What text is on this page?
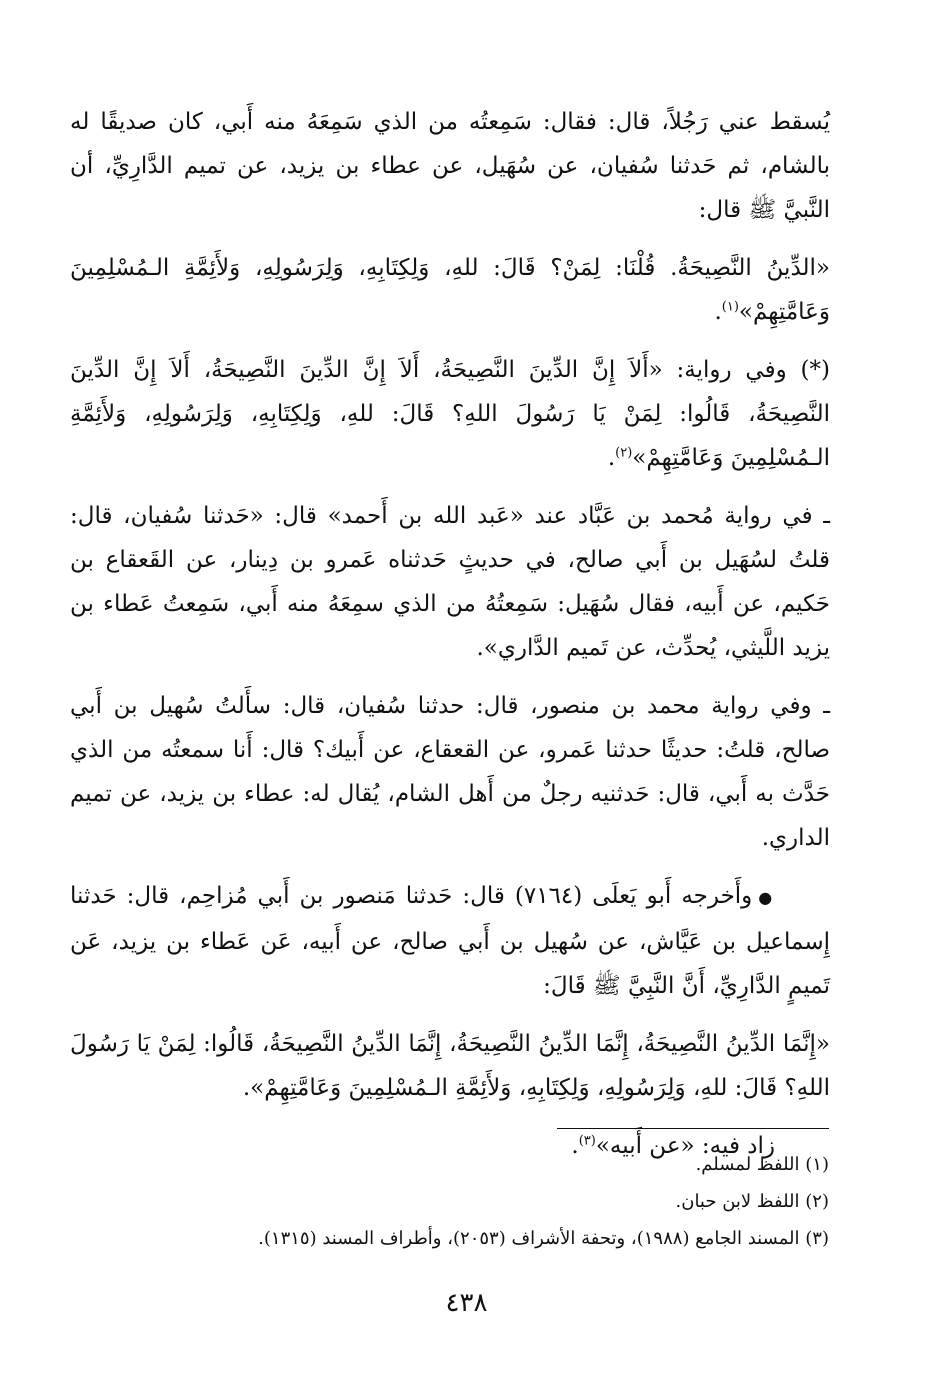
يُسقط عني رَجُلاً، قال: فقال: سَمِعتُه من الذي سَمِعَهُ منه أَبي، كان صديقًا له بالشام، ثم حَدثنا سُفيان، عن سُهَيل، عن عطاء بن يزيد، عن تميم الدَّارِيِّ، أن النَّبيَّ ﷺ قال:

«الدِّينُ النَّصِيحَةُ. قُلْنَا: لِمَنْ؟ قَالَ: للهِ، وَلِكِتَابِهِ، وَلِرَسُولِهِ، وَلأَئِمَّةِ الـمُسْلِمِينَ وَعَامَّتِهِمْ»$^{(١)}$.

(*) وفي رواية: «أَلاَ إِنَّ الدِّينَ النَّصِيحَةُ، أَلاَ إِنَّ الدِّينَ النَّصِيحَةُ، أَلاَ إِنَّ الدِّينَ النَّصِيحَةُ، قَالُوا: لِمَنْ يَا رَسُولَ اللهِ؟ قَالَ: للهِ، وَلِكِتَابِهِ، وَلِرَسُولِهِ، وَلأَئِمَّةِ الـمُسْلِمِينَ وَعَامَّتِهِمْ»$^{(٢)}$.

ـ في رواية مُحمد بن عَبَّاد عند «عَبد الله بن أَحمد» قال: «حَدثنا سُفيان، قال: قلتُ لسُهَيل بن أَبي صالح، في حديثٍ حَدثناه عَمرو بن دِينار، عن القَعقاع بن حَكيم، عن أَبيه، فقال سُهَيل: سَمِعتُهُ من الذي سمِعَهُ منه أَبي، سَمِعتُ عَطاء بن يزيد اللَّيثي، يُحدِّث، عن تَميم الدَّاري».

ـ وفي رواية محمد بن منصور، قال: حدثنا سُفيان، قال: سأَلتُ سُهيل بن أَبي صالح، قلتُ: حديثًا حدثنا عَمرو، عن القعقاع، عن أَبيك؟ قال: أَنا سمعتُه من الذي حَدَّث به أَبي، قال: حَدثنيه رجلٌ من أَهل الشام، يُقال له: عطاء بن يزيد، عن تميم الداري.

●وأَخرجه أَبو يَعلَى (٧١٦٤) قال: حَدثنا مَنصور بن أَبي مُزاحِم، قال: حَدثنا إِسماعيل بن عَيَّاش، عن سُهيل بن أَبي صالح، عن أَبيه، عَن عَطاء بن يزيد، عَن تَميمٍ الدَّارِيِّ، أَنَّ النَّبِيَّ ﷺ قَالَ:

«إِنَّمَا الدِّينُ النَّصِيحَةُ، إِنَّمَا الدِّينُ النَّصِيحَةُ، إِنَّمَا الدِّينُ النَّصِيحَةُ، قَالُوا: لِمَنْ يَا رَسُولَ اللهِ؟ قَالَ: للهِ، وَلِرَسُولِهِ، وَلِكِتَابِهِ، وَلأَئِمَّةِ الـمُسْلِمِينَ وَعَامَّتِهِمْ».

زاد فيه: «عن أَبيه»$^{(٣)}$.

(١) اللفظ لمسلم.
(٢) اللفظ لابن حبان.
(٣) المسند الجامع (١٩٨٨)، وتحفة الأشراف (٢٠٥٣)، وأطراف المسند (١٣١٥).
٤٣٨
